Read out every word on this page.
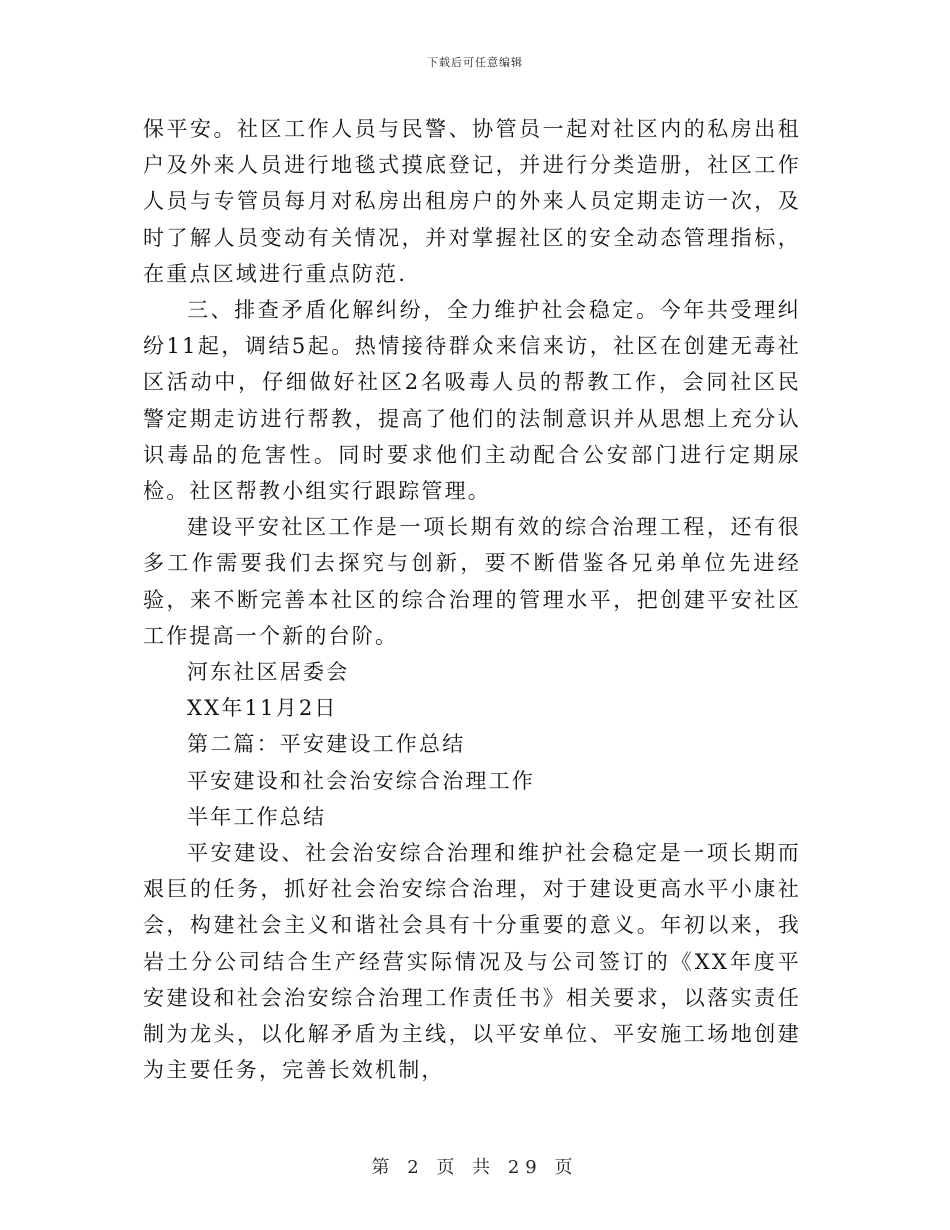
下载后可任意编辑

保平安。社区工作人员与民警、协管员一起对社区内的私房出租户及外来人员进行地毯式摸底登记，并进行分类造册，社区工作人员与专管员每月对私房出租房户的外来人员定期走访一次，及时了解人员变动有关情况，并对掌握社区的安全动态管理指标，在重点区域进行重点防范.

三、排查矛盾化解纠纷，全力维护社会稳定。今年共受理纠纷11起，调结5起。热情接待群众来信来访，社区在创建无毒社区活动中，仔细做好社区2名吸毒人员的帮教工作，会同社区民警定期走访进行帮教，提高了他们的法制意识并从思想上充分认识毒品的危害性。同时要求他们主动配合公安部门进行定期尿检。社区帮教小组实行跟踪管理。

建设平安社区工作是一项长期有效的综合治理工程，还有很多工作需要我们去探究与创新，要不断借鉴各兄弟单位先进经验，来不断完善本社区的综合治理的管理水平，把创建平安社区工作提高一个新的台阶。

河东社区居委会

XX年11月2日

第二篇：平安建设工作总结

平安建设和社会治安综合治理工作

半年工作总结

平安建设、社会治安综合治理和维护社会稳定是一项长期而艰巨的任务，抓好社会治安综合治理，对于建设更高水平小康社会，构建社会主义和谐社会具有十分重要的意义。年初以来，我岩土分公司结合生产经营实际情况及与公司签订的《XX年度平安建设和社会治安综合治理工作责任书》相关要求，以落实责任制为龙头，以化解矛盾为主线，以平安单位、平安施工场地创建为主要任务，完善长效机制，

第 2 页 共 29 页
